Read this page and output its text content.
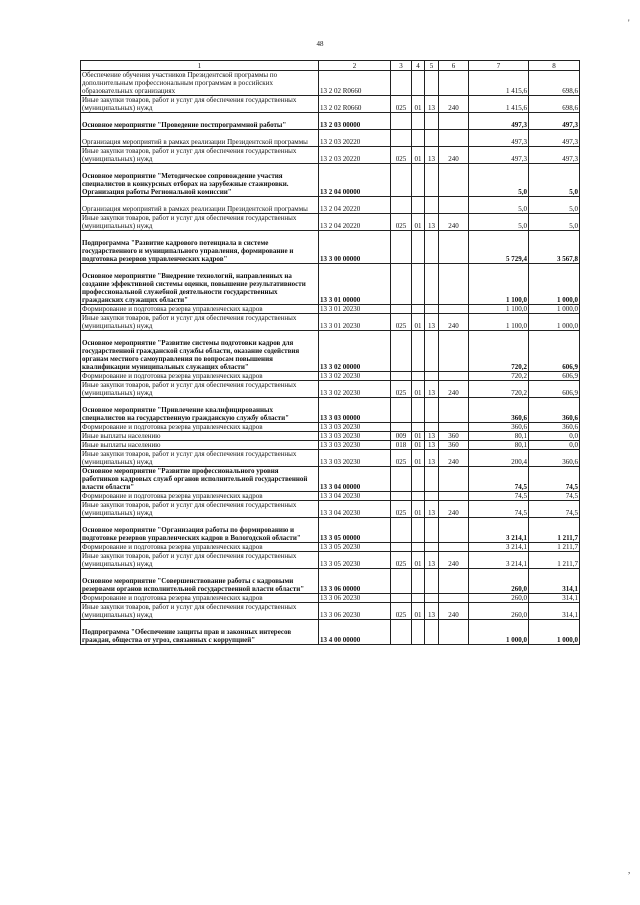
48
'
,
1	2	3	4	5	6	7	8
Обеспечение обучения участников Президентской программы по дополнительным профессиональным программам в российских образовательных организациях	13 2 02 R0660					1 415,6	698,6
Иные закупки товаров, работ и услуг для обеспечения государственных (муниципальных) нужд	13 2 02 R0660	025	01	13	240	1 415,6	698,6
Основное мероприятие "Проведение постпрограммной работы"	13 2 03 00000					497,3	497,3
Организация мероприятий в рамках реализации Президентской программы	13 2 03 20220					497,3	497,3
Иные закупки товаров, работ и услуг для обеспечения государственных (муниципальных) нужд	13 2 03 20220	025	01	13	240	497,3	497,3
Основное мероприятие "Методическое сопровождение участия специалистов в конкурсных отборах на зарубежные стажировки. Организация работы Региональной комиссии"	13 2 04 00000					5,0	5,0
Организация мероприятий в рамках реализации Президентской программы	13 2 04 20220					5,0	5,0
Иные закупки товаров, работ и услуг для обеспечения государственных (муниципальных) нужд	13 2 04 20220	025	01	13	240	5,0	5,0
Подпрограмма "Развитие кадрового потенциала в системе государственного и муниципального управления, формирование и подготовка резервов управленческих кадров"	13 3 00 00000					5 729,4	3 567,8
Основное мероприятие "Внедрение технологий, направленных на создание эффективной системы оценки, повышение результативности профессиональной служебной деятельности государственных гражданских служащих области"	13 3 01 00000					1 100,0	1 000,0
Формирование и подготовка резерва управленческих кадров	13 3 01 20230					1 100,0	1 000,0
Иные закупки товаров, работ и услуг для обеспечения государственных (муниципальных) нужд	13 3 01 20230	025	01	13	240	1 100,0	1 000,0
Основное мероприятие "Развитие системы подготовки кадров для государственной гражданской службы области, оказание содействия органам местного самоуправления по вопросам повышения квалификации муниципальных служащих области"	13 3 02 00000					720,2	606,9
Формирование и подготовка резерва управленческих кадров	13 3 02 20230					720,2	606,9
Иные закупки товаров, работ и услуг для обеспечения государственных (муниципальных) нужд	13 3 02 20230	025	01	13	240	720,2	606,9
Основное мероприятие "Привлечение квалифицированных специалистов на государственную гражданскую службу области"	13 3 03 00000					360,6	360,6
Формирование и подготовка резерва управленческих кадров	13 3 03 20230					360,6	360,6
Иные выплаты населению	13 3 03 20230	009	01	13	360	80,1	0,0
Иные выплаты населению	13 3 03 20230	018	01	13	360	80,1	0,0
Иные закупки товаров, работ и услуг для обеспечения государственных (муниципальных) нужд	13 3 03 20230	025	01	13	240	200,4	360,6
Основное мероприятие "Развитие профессионального уровня работников кадровых служб органов исполнительной государственной власти области"	13 3 04 00000					74,5	74,5
Формирование и подготовка резерва управленческих кадров	13 3 04 20230					74,5	74,5
Иные закупки товаров, работ и услуг для обеспечения государственных (муниципальных) нужд	13 3 04 20230	025	01	13	240	74,5	74,5
Основное мероприятие "Организация работы по формированию и подготовке резервов управленческих кадров в Вологодской области"	13 3 05 00000					3 214,1	1 211,7
Формирование и подготовка резерва управленческих кадров	13 3 05 20230					3 214,1	1 211,7
Иные закупки товаров, работ и услуг для обеспечения государственных (муниципальных) нужд	13 3 05 20230	025	01	13	240	3 214,1	1 211,7
Основное мероприятие "Совершенствование работы с кадровыми резервами органов исполнительной государственной власти области"	13 3 06 00000					260,0	314,1
Формирование и подготовка резерва управленческих кадров	13 3 06 20230					260,0	314,1
Иные закупки товаров, работ и услуг для обеспечения государственных (муниципальных) нужд	13 3 06 20230	025	01	13	240	260,0	314,1
Подпрограмма "Обеспечение защиты прав и законных интересов граждан, общества от угроз, связанных с коррупцией"	13 4 00 00000					1 000,0	1 000,0
